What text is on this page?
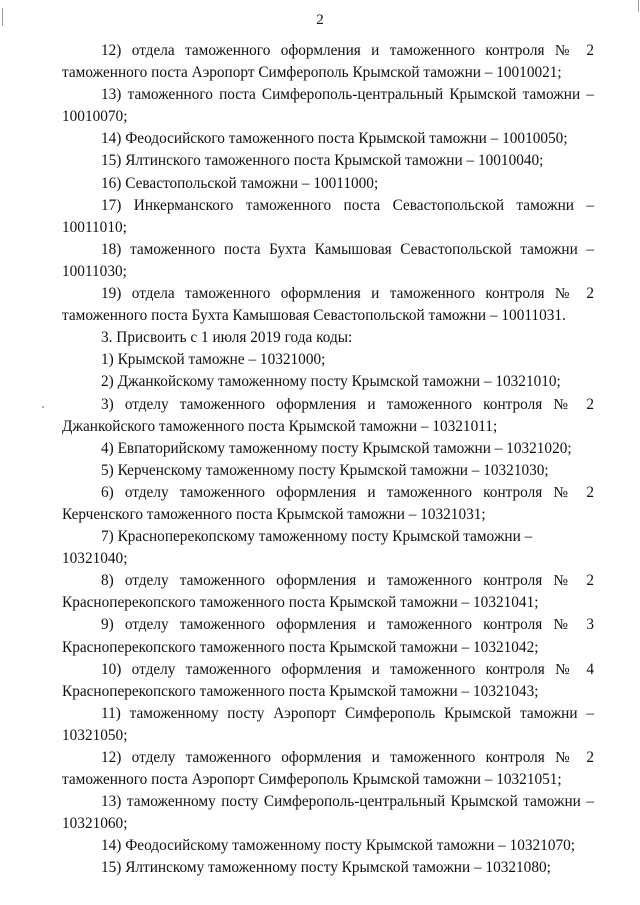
2

12) отдела таможенного оформления и таможенного контроля № 2 таможенного поста Аэропорт Симферополь Крымской таможни – 10010021;

13) таможенного поста Симферополь-центральный Крымской таможни – 10010070;

14) Феодосийского таможенного поста Крымской таможни – 10010050;

15) Ялтинского таможенного поста Крымской таможни – 10010040;

16) Севастопольской таможни – 10011000;

17) Инкерманского таможенного поста Севастопольской таможни – 10011010;

18) таможенного поста Бухта Камышовая Севастопольской таможни – 10011030;

19) отдела таможенного оформления и таможенного контроля № 2 таможенного поста Бухта Камышовая Севастопольской таможни – 10011031.

3. Присвоить с 1 июля 2019 года коды:

1) Крымской таможне – 10321000;

2) Джанкойскому таможенному посту Крымской таможни – 10321010;

3) отделу таможенного оформления и таможенного контроля № 2 Джанкойского таможенного поста Крымской таможни – 10321011;

4) Евпаторийскому таможенному посту Крымской таможни – 10321020;

5) Керченскому таможенному посту Крымской таможни – 10321030;

6) отделу таможенного оформления и таможенного контроля № 2 Керченского таможенного поста Крымской таможни – 10321031;

7) Красноперекопскому таможенному посту Крымской таможни – 10321040;

8) отделу таможенного оформления и таможенного контроля № 2 Красноперекопского таможенного поста Крымской таможни – 10321041;

9) отделу таможенного оформления и таможенного контроля № 3 Красноперекопского таможенного поста Крымской таможни – 10321042;

10) отделу таможенного оформления и таможенного контроля № 4 Красноперекопского таможенного поста Крымской таможни – 10321043;

11) таможенному посту Аэропорт Симферополь Крымской таможни – 10321050;

12) отделу таможенного оформления и таможенного контроля № 2 таможенного поста Аэропорт Симферополь Крымской таможни – 10321051;

13) таможенному посту Симферополь-центральный Крымской таможни – 10321060;

14) Феодосийскому таможенному посту Крымской таможни – 10321070;

15) Ялтинскому таможенному посту Крымской таможни – 10321080;
